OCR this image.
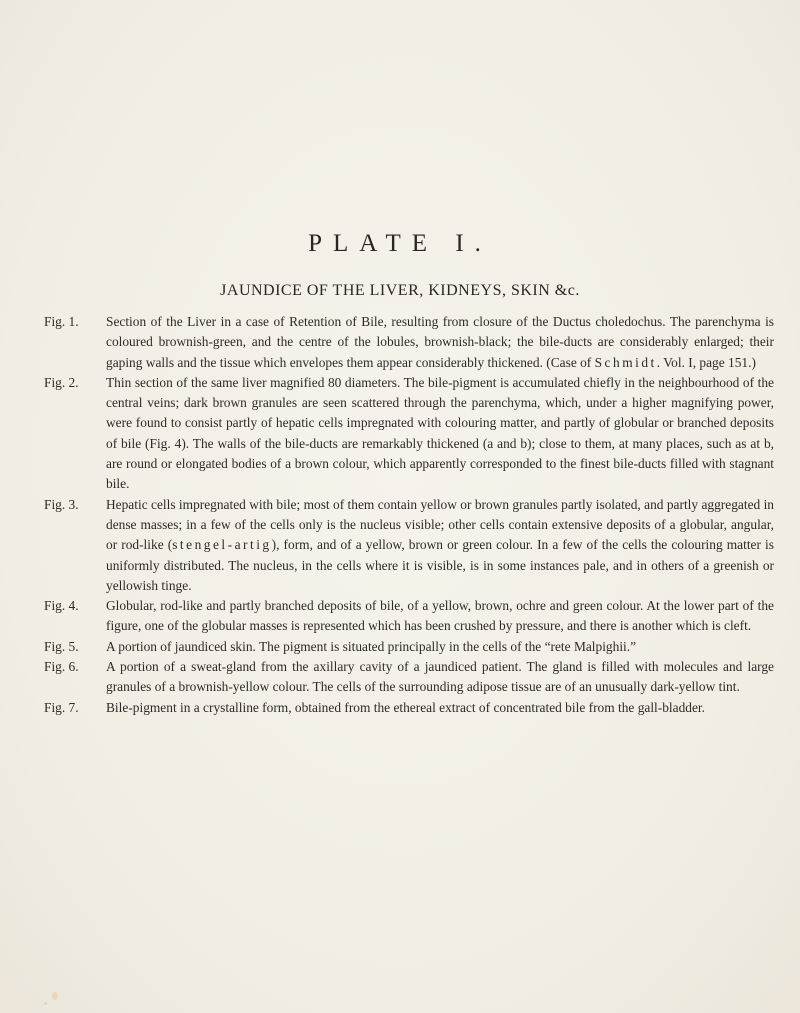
PLATE I.
JAUNDICE OF THE LIVER, KIDNEYS, SKIN &c.
Fig. 1.	Section of the Liver in a case of Retention of Bile, resulting from closure of the Ductus choledochus. The parenchyma is coloured brownish-green, and the centre of the lobules, brownish-black; the bile-ducts are considerably enlarged; their gaping walls and the tissue which envelopes them appear considerably thickened. (Case of Schmidt. Vol. I, page 151.)
Fig. 2.	Thin section of the same liver magnified 80 diameters. The bile-pigment is accumulated chiefly in the neighbourhood of the central veins; dark brown granules are seen scattered through the parenchyma, which, under a higher magnifying power, were found to consist partly of hepatic cells impregnated with colouring matter, and partly of globular or branched deposits of bile (Fig. 4). The walls of the bile-ducts are remarkably thickened (a and b); close to them, at many places, such as at b, are round or elongated bodies of a brown colour, which apparently corresponded to the finest bile-ducts filled with stagnant bile.
Fig. 3.	Hepatic cells impregnated with bile; most of them contain yellow or brown granules partly isolated, and partly aggregated in dense masses; in a few of the cells only is the nucleus visible; other cells contain extensive deposits of a globular, angular, or rod-like (stengel-artig), form, and of a yellow, brown or green colour. In a few of the cells the colouring matter is uniformly distributed. The nucleus, in the cells where it is visible, is in some instances pale, and in others of a greenish or yellowish tinge.
Fig. 4.	Globular, rod-like and partly branched deposits of bile, of a yellow, brown, ochre and green colour. At the lower part of the figure, one of the globular masses is represented which has been crushed by pressure, and there is another which is cleft.
Fig. 5.	A portion of jaundiced skin. The pigment is situated principally in the cells of the “rete Malpighii.”
Fig. 6.	A portion of a sweat-gland from the axillary cavity of a jaundiced patient. The gland is filled with molecules and large granules of a brownish-yellow colour. The cells of the surrounding adipose tissue are of an unusually dark-yellow tint.
Fig. 7.	Bile-pigment in a crystalline form, obtained from the ethereal extract of concentrated bile from the gall-bladder.
